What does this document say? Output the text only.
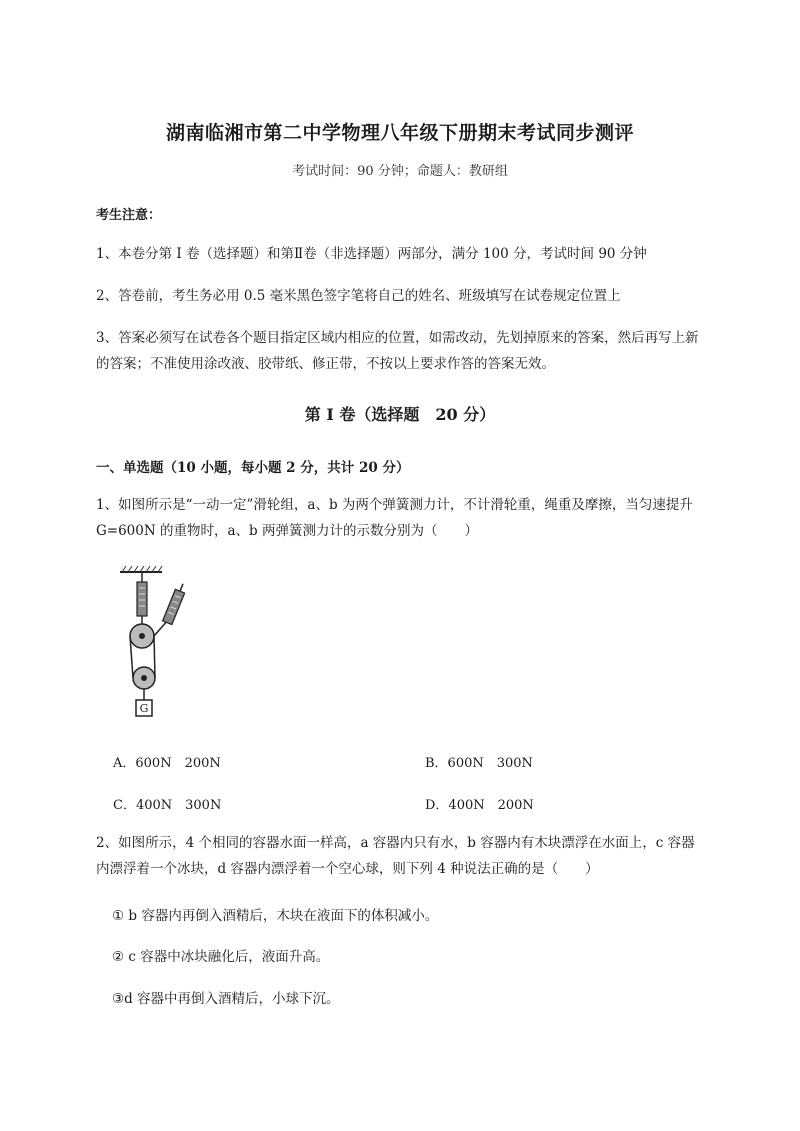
湖南临湘市第二中学物理八年级下册期末考试同步测评
考试时间：90 分钟；命题人：教研组
考生注意：
1、本卷分第 I 卷（选择题）和第Ⅱ卷（非选择题）两部分，满分 100 分，考试时间 90 分钟
2、答卷前，考生务必用 0.5 毫米黑色签字笔将自己的姓名、班级填写在试卷规定位置上
3、答案必须写在试卷各个题目指定区域内相应的位置，如需改动，先划掉原来的答案，然后再写上新的答案；不准使用涂改液、胶带纸、修正带，不按以上要求作答的答案无效。
第 I 卷（选择题　20 分）
一、单选题（10 小题，每小题 2 分，共计 20 分）
1、如图所示是“一动一定”滑轮组，a、b 为两个弹簧测力计，不计滑轮重，绳重及摩擦，当匀速提升 G=600N 的重物时，a、b 两弹簧测力计的示数分别为（　　）
G
A．600N　200N	B．600N　300N
C．400N　300N	D．400N　200N
2、如图所示，4 个相同的容器水面一样高，a 容器内只有水，b 容器内有木块漂浮在水面上，c 容器内漂浮着一个冰块，d 容器内漂浮着一个空心球，则下列 4 种说法正确的是（　　）
① b 容器内再倒入酒精后，木块在液面下的体积减小。
② c 容器中冰块融化后，液面升高。
③d 容器中再倒入酒精后，小球下沉。
